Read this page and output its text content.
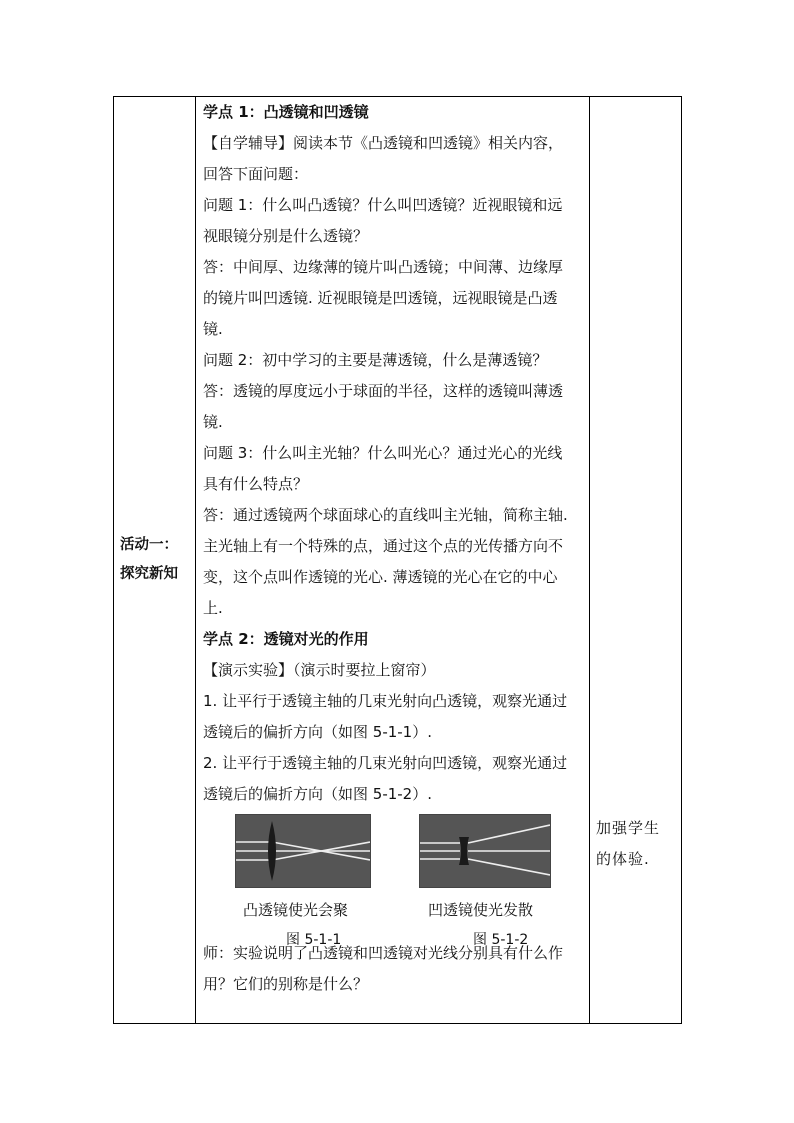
活动一：
探究新知

学点 1：凸透镜和凹透镜
【自学辅导】阅读本节《凸透镜和凹透镜》相关内容，
回答下面问题：
问题 1：什么叫凸透镜？什么叫凹透镜？近视眼镜和远
视眼镜分别是什么透镜？
答：中间厚、边缘薄的镜片叫凸透镜；中间薄、边缘厚
的镜片叫凹透镜. 近视眼镜是凹透镜，远视眼镜是凸透
镜.
问题 2：初中学习的主要是薄透镜，什么是薄透镜？
答：透镜的厚度远小于球面的半径，这样的透镜叫薄透
镜.
问题 3：什么叫主光轴？什么叫光心？通过光心的光线
具有什么特点？
答：通过透镜两个球面球心的直线叫主光轴，简称主轴.
主光轴上有一个特殊的点，通过这个点的光传播方向不
变，这个点叫作透镜的光心. 薄透镜的光心在它的中心
上.
学点 2：透镜对光的作用
【演示实验】（演示时要拉上窗帘）
1. 让平行于透镜主轴的几束光射向凸透镜，观察光通过
透镜后的偏折方向（如图 5-1-1）.
2. 让平行于透镜主轴的几束光射向凹透镜，观察光通过
透镜后的偏折方向（如图 5-1-2）.
凸透镜使光会聚	凹透镜使光发散
图 5-1-1	图 5-1-2
师：实验说明了凸透镜和凹透镜对光线分别具有什么作
用？它们的别称是什么？

加强学生
的体验.
